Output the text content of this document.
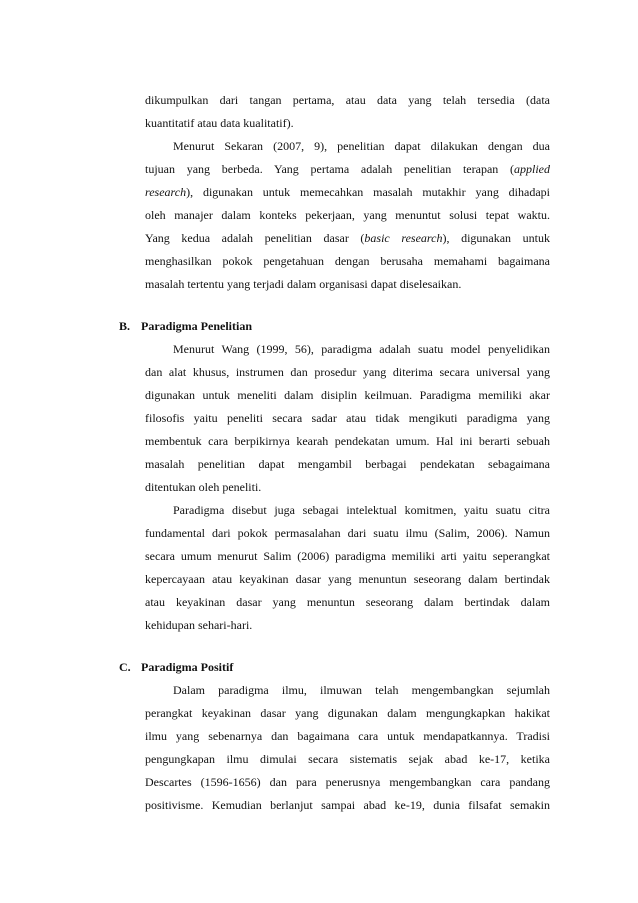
dikumpulkan dari tangan pertama, atau data yang telah tersedia (data
kuantitatif atau data kualitatif).
Menurut Sekaran (2007, 9), penelitian dapat dilakukan dengan dua
tujuan yang berbeda. Yang pertama adalah penelitian terapan (applied
research), digunakan untuk memecahkan masalah mutakhir yang dihadapi
oleh manajer dalam konteks pekerjaan, yang menuntut solusi tepat waktu.
Yang kedua adalah penelitian dasar (basic research), digunakan untuk
menghasilkan pokok pengetahuan dengan berusaha memahami bagaimana
masalah tertentu yang terjadi dalam organisasi dapat diselesaikan.
B. Paradigma Penelitian
Menurut Wang (1999, 56), paradigma adalah suatu model penyelidikan
dan alat khusus, instrumen dan prosedur yang diterima secara universal yang
digunakan untuk meneliti dalam disiplin keilmuan. Paradigma memiliki akar
filosofis yaitu peneliti secara sadar atau tidak mengikuti paradigma yang
membentuk cara berpikirnya kearah pendekatan umum. Hal ini berarti sebuah
masalah penelitian dapat mengambil berbagai pendekatan sebagaimana
ditentukan oleh peneliti.
Paradigma disebut juga sebagai intelektual komitmen, yaitu suatu citra
fundamental dari pokok permasalahan dari suatu ilmu (Salim, 2006). Namun
secara umum menurut Salim (2006) paradigma memiliki arti yaitu seperangkat
kepercayaan atau keyakinan dasar yang menuntun seseorang dalam bertindak
atau keyakinan dasar yang menuntun seseorang dalam bertindak dalam
kehidupan sehari-hari.
C. Paradigma Positif
Dalam paradigma ilmu, ilmuwan telah mengembangkan sejumlah
perangkat keyakinan dasar yang digunakan dalam mengungkapkan hakikat
ilmu yang sebenarnya dan bagaimana cara untuk mendapatkannya. Tradisi
pengungkapan ilmu dimulai secara sistematis sejak abad ke-17, ketika
Descartes (1596-1656) dan para penerusnya mengembangkan cara pandang
positivisme. Kemudian berlanjut sampai abad ke-19, dunia filsafat semakin
